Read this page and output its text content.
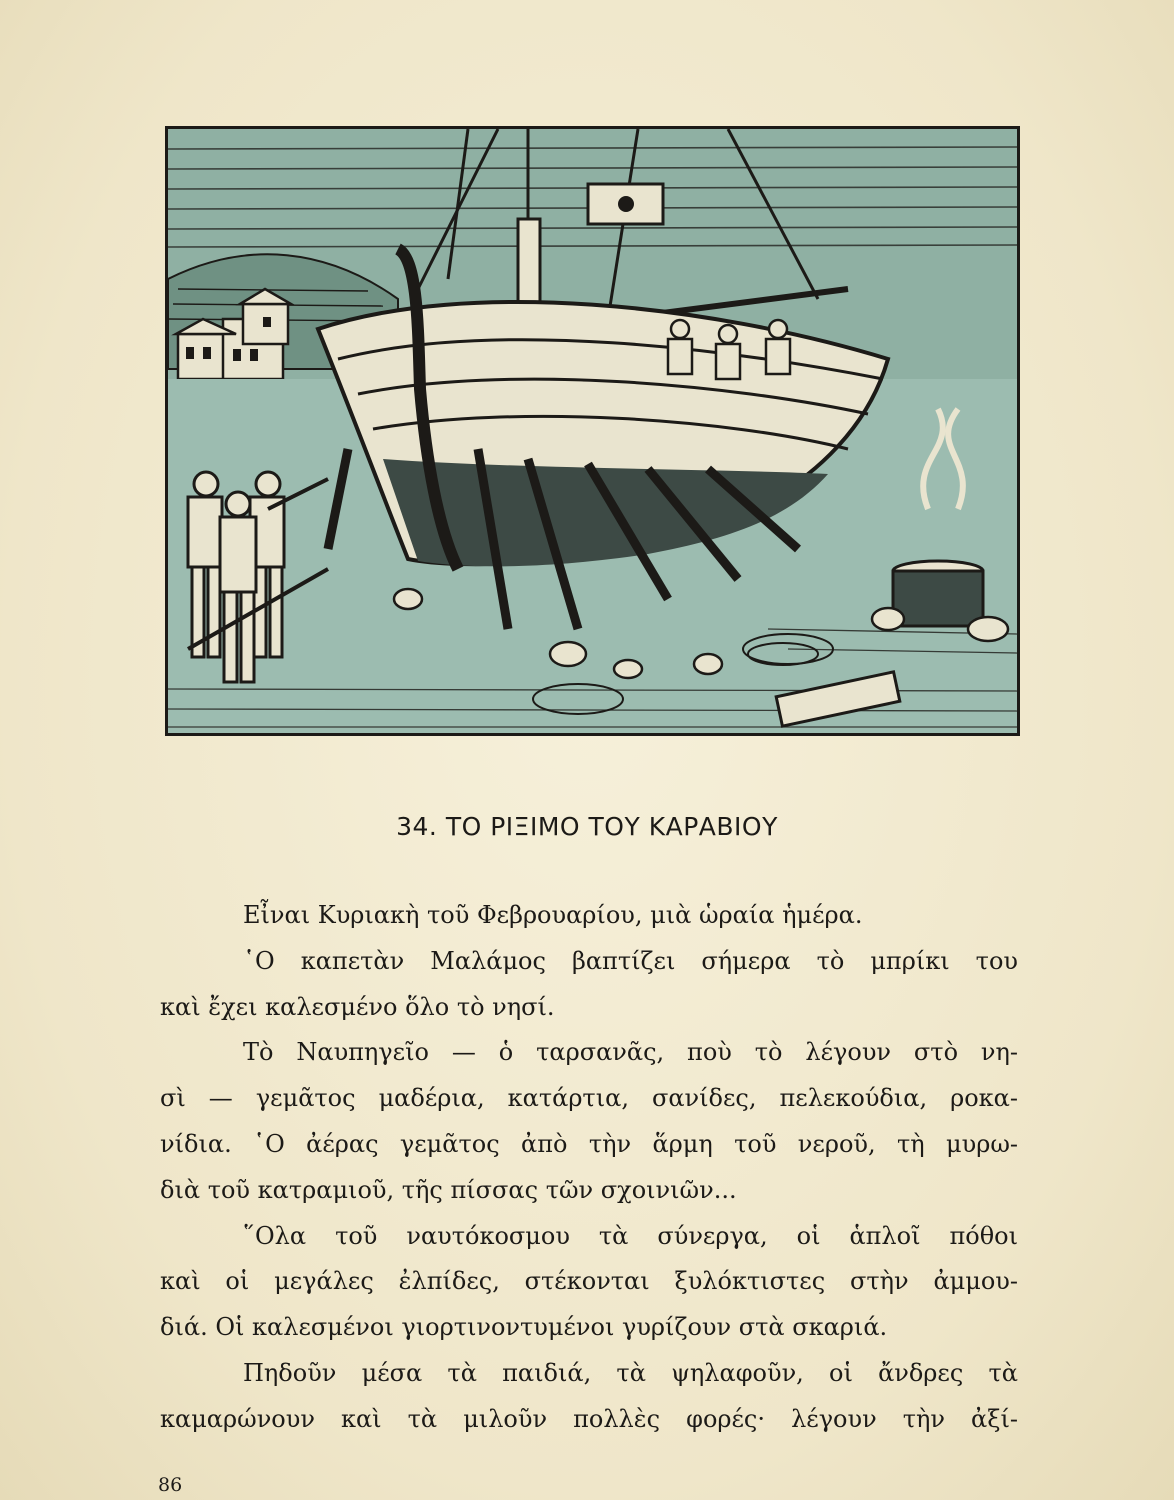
34. ΤΟ ΡΙΞΙΜΟ ΤΟΥ ΚΑΡΑΒΙΟΥ
Εἶναι Κυριακὴ τοῦ Φεβρουαρίου, μιὰ ὡραία ἡμέρα.
῾Ο καπετὰν Μαλάμος βαπτίζει σήμερα τὸ μπρίκι του
καὶ ἔχει καλεσμένο ὅλο τὸ νησί.
Τὸ Ναυπηγεῖο — ὁ ταρσανᾶς, ποὺ τὸ λέγουν στὸ νη-
σὶ — γεμᾶτος μαδέρια, κατάρτια, σανίδες, πελεκούδια, ροκα-
νίδια. ῾Ο ἀέρας γεμᾶτος ἀπὸ τὴν ἅρμη τοῦ νεροῦ, τὴ μυρω-
διὰ τοῦ κατραμιοῦ, τῆς πίσσας τῶν σχοινιῶν...
῞Ολα τοῦ ναυτόκοσμου τὰ σύνεργα, οἱ ἁπλοῖ πόθοι
καὶ οἱ μεγάλες ἐλπίδες, στέκονται ξυλόκτιστες στὴν ἀμμου-
διά. Οἱ καλεσμένοι γιορτινοντυμένοι γυρίζουν στὰ σκαριά.
Πηδοῦν μέσα τὰ παιδιά, τὰ ψηλαφοῦν, οἱ ἄνδρες τὰ
καμαρώνουν καὶ τὰ μιλοῦν πολλὲς φορές· λέγουν τὴν ἀξί-
86
